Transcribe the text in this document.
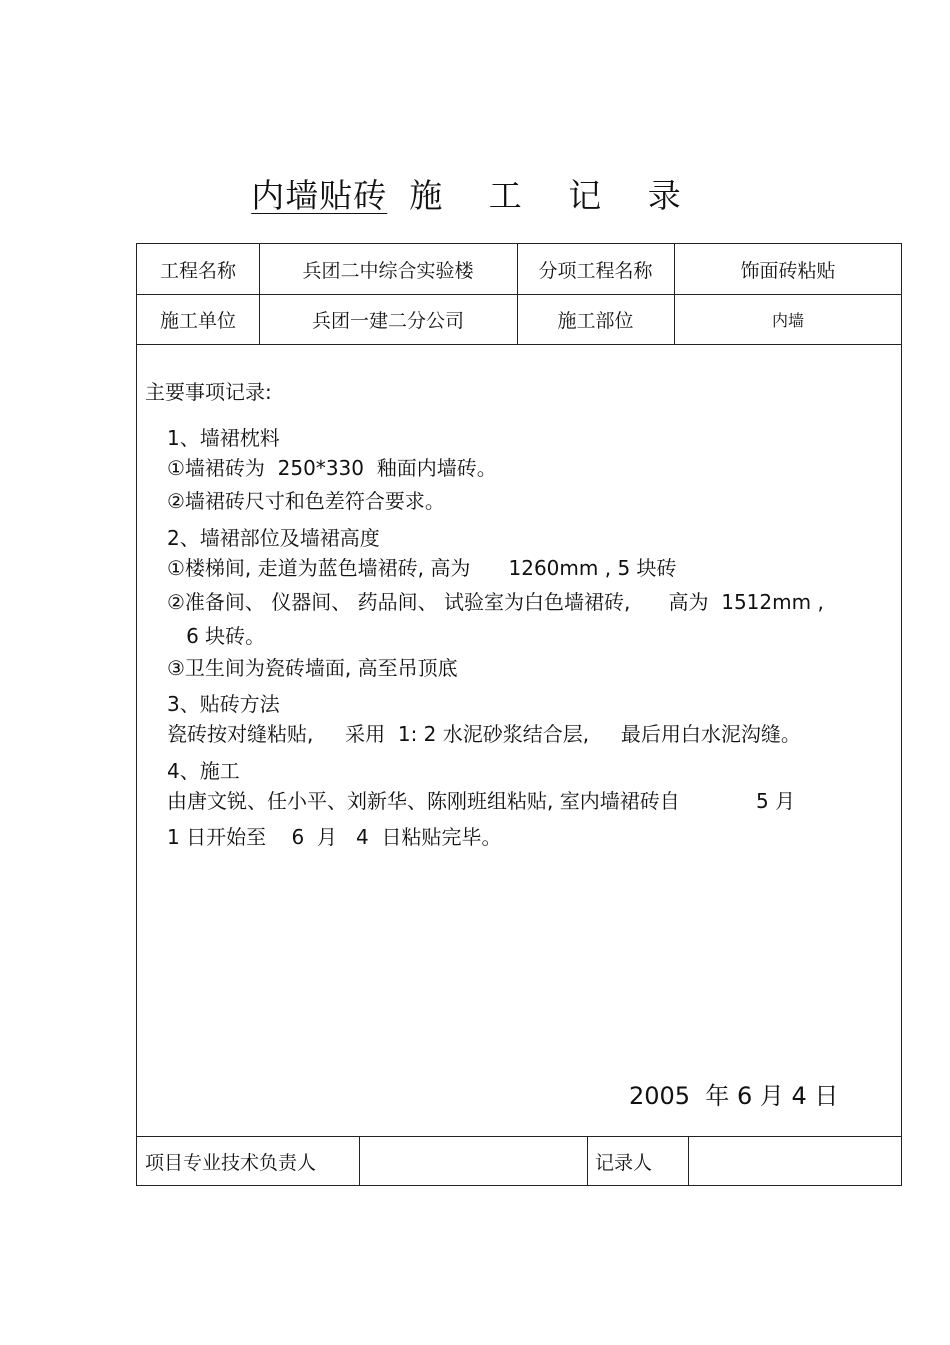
内墙贴砖 施 工 记 录
工程名称	兵团二中综合实验楼	分项工程名称	饰面砖粘贴
施工单位	兵团一建二分公司	施工部位	内墙
主要事项记录:
1、墙裙枕料
①墙裙砖为  250*330  釉面内墙砖。
②墙裙砖尺寸和色差符合要求。
2、墙裙部位及墙裙高度
①楼梯间, 走道为蓝色墙裙砖, 高为      1260mm , 5 块砖
②准备间、 仪器间、 药品间、 试验室为白色墙裙砖,      高为  1512mm ,
6 块砖。
③卫生间为瓷砖墙面, 高至吊顶底
3、贴砖方法
瓷砖按对缝粘贴,     采用  1: 2 水泥砂浆结合层,     最后用白水泥沟缝。
4、施工
由唐文锐、任小平、刘新华、陈刚班组粘贴, 室内墙裙砖自            5 月
1 日开始至    6  月   4  日粘贴完毕。
2005  年 6 月 4 日
项目专业技术负责人	记录人
